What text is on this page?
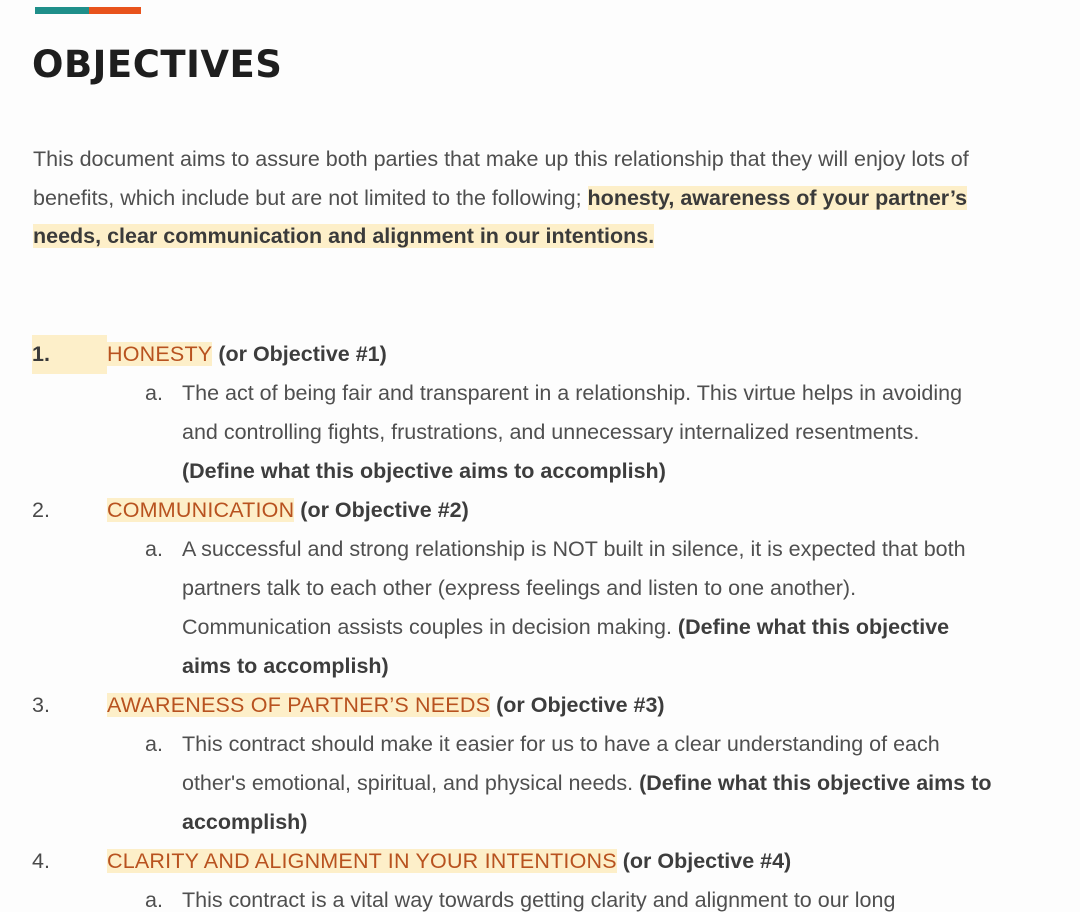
OBJECTIVES

This document aims to assure both parties that make up this relationship that they will enjoy lots of benefits, which include but are not limited to the following; honesty, awareness of your partner’s needs, clear communication and alignment in our intentions.

1.	HONESTY (or Objective #1)
a. The act of being fair and transparent in a relationship. This virtue helps in avoiding and controlling fights, frustrations, and unnecessary internalized resentments. (Define what this objective aims to accomplish)
2.	COMMUNICATION (or Objective #2)
a. A successful and strong relationship is NOT built in silence, it is expected that both partners talk to each other (express feelings and listen to one another). Communication assists couples in decision making. (Define what this objective aims to accomplish)
3.	AWARENESS OF PARTNER’S NEEDS (or Objective #3)
a. This contract should make it easier for us to have a clear understanding of each other's emotional, spiritual, and physical needs. (Define what this objective aims to accomplish)
4.	CLARITY AND ALIGNMENT IN YOUR INTENTIONS (or Objective #4)
a. This contract is a vital way towards getting clarity and alignment to our long
